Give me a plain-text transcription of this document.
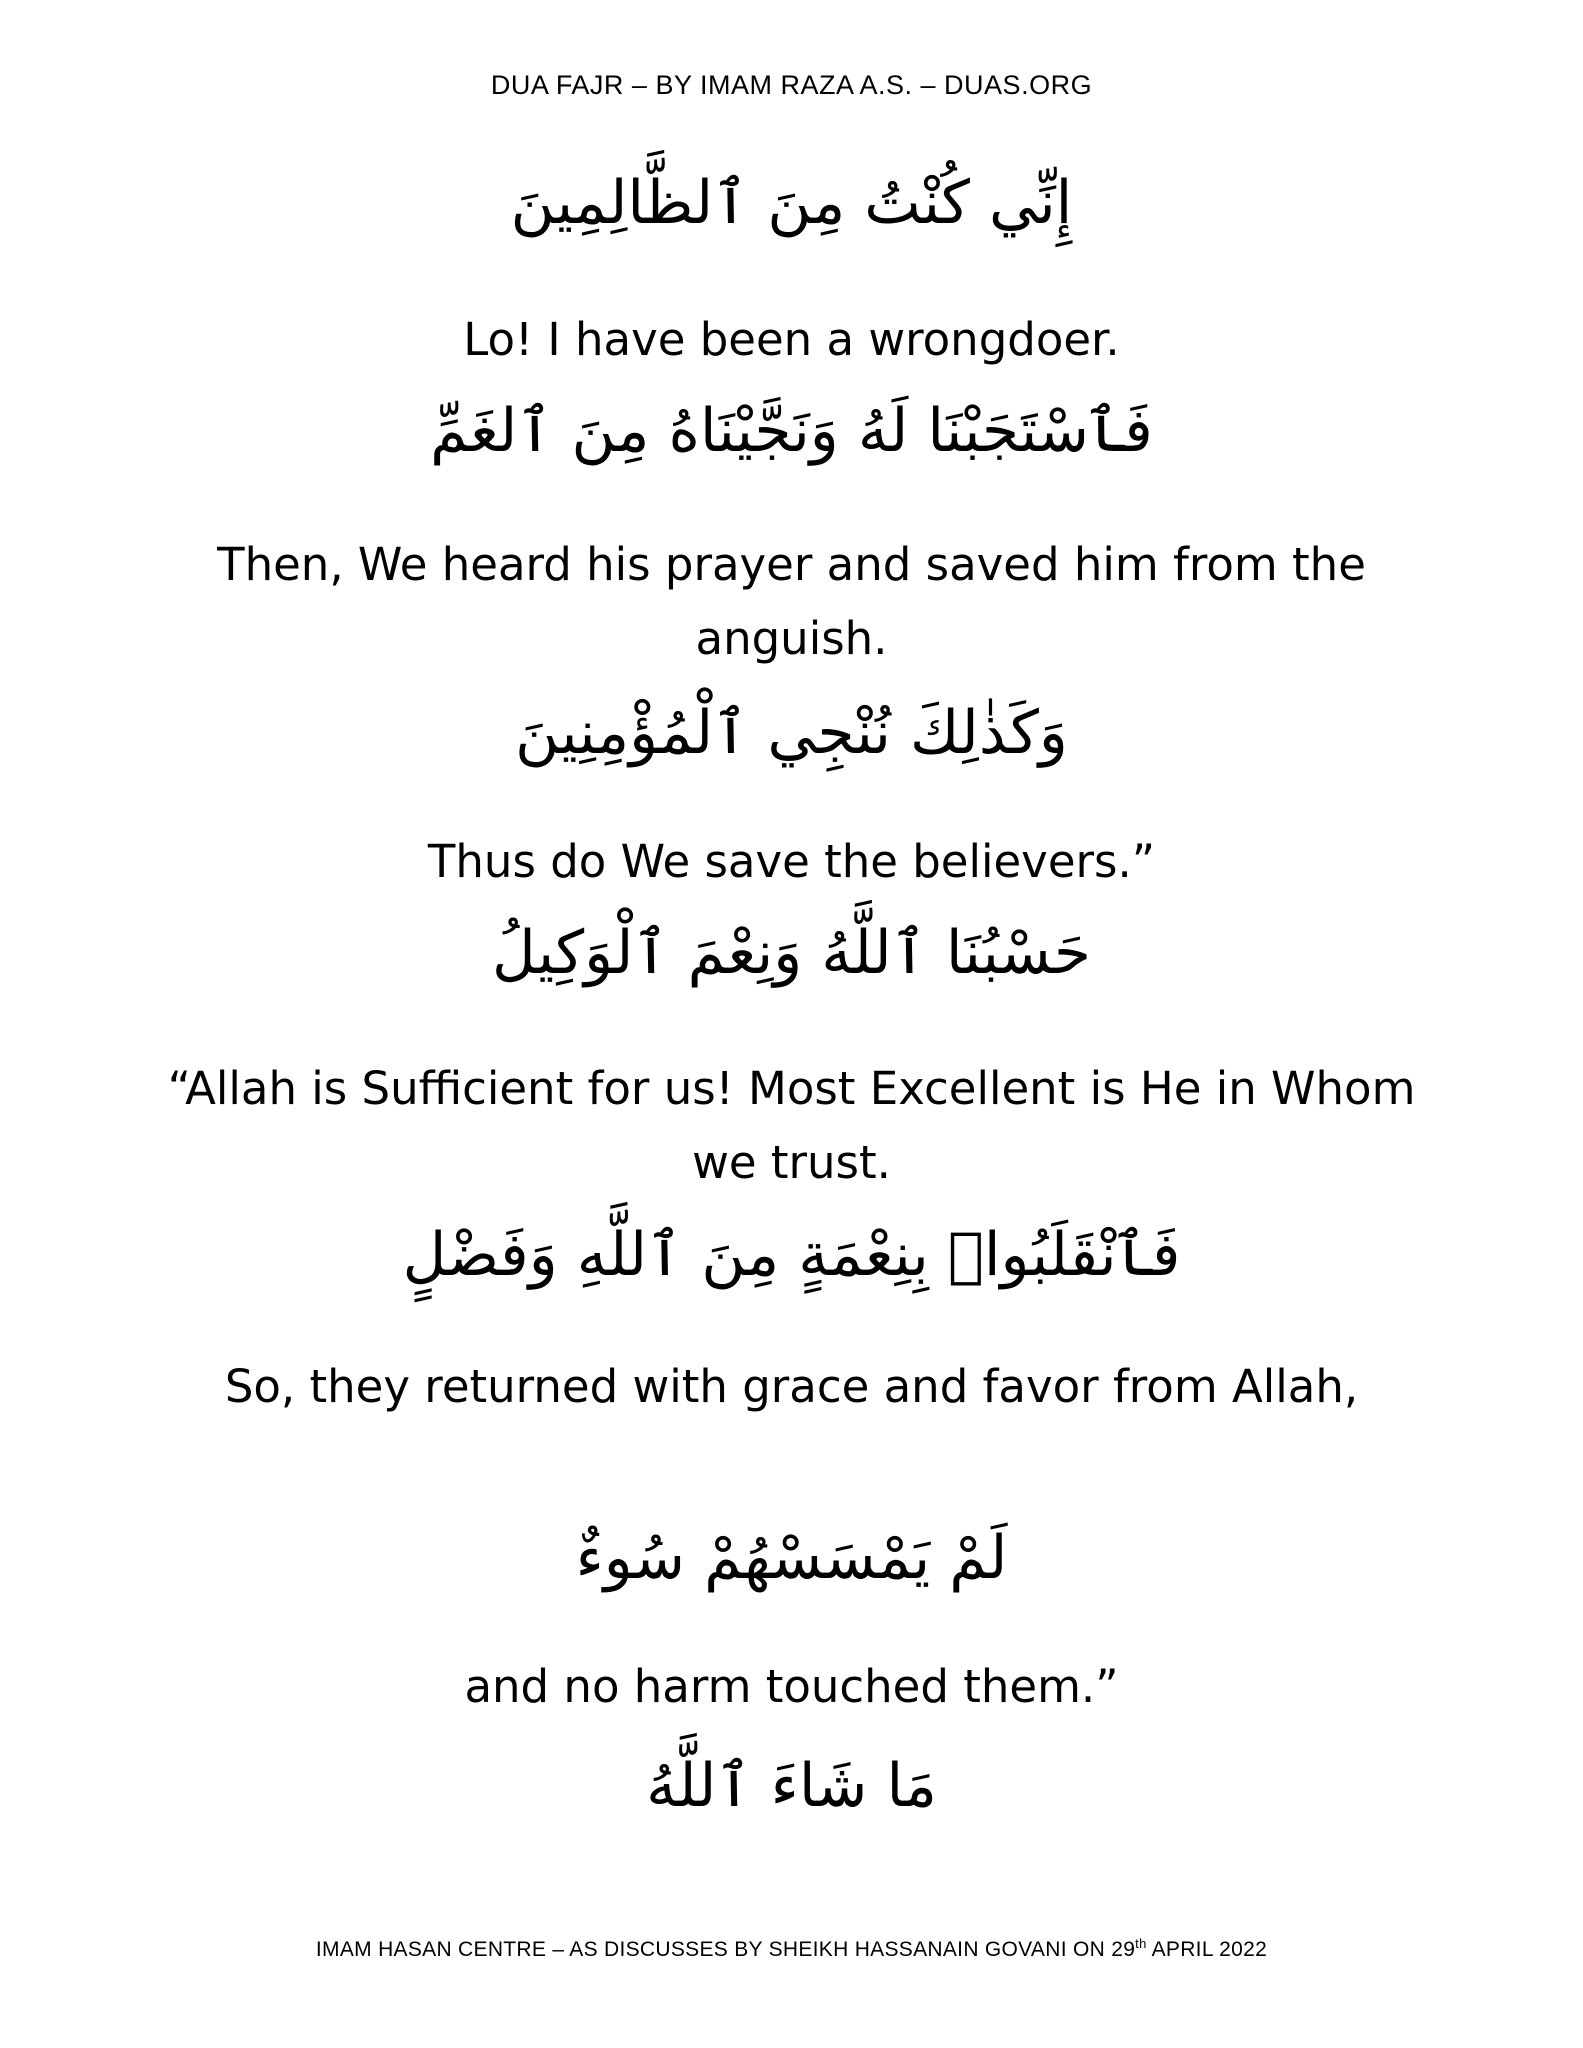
DUA FAJR – BY IMAM RAZA A.S. – DUAS.ORG
إِنِّي كُنْتُ مِنَ ٱلظَّالِمِينَ
Lo! I have been a wrongdoer.
فَٱسْتَجَبْنَا لَهُ وَنَجَّيْنَاهُ مِنَ ٱلغَمِّ
Then, We heard his prayer and saved him from the anguish.
وَكَذٰلِكَ نُنْجِي ٱلْمُؤْمِنِينَ
Thus do We save the believers.”
حَسْبُنَا ٱللَّهُ وَنِعْمَ ٱلْوَكِيلُ
“Allah is Sufficient for us! Most Excellent is He in Whom we trust.
فَٱنْقَلَبُوا۟ بِنِعْمَةٍ مِنَ ٱللَّهِ وَفَضْلٍ
So, they returned with grace and favor from Allah,
لَمْ يَمْسَسْهُمْ سُوءٌ
and no harm touched them.”
مَا شَاءَ ٱللَّهُ
IMAM HASAN CENTRE – AS DISCUSSES BY SHEIKH HASSANAIN GOVANI ON 29th APRIL 2022
